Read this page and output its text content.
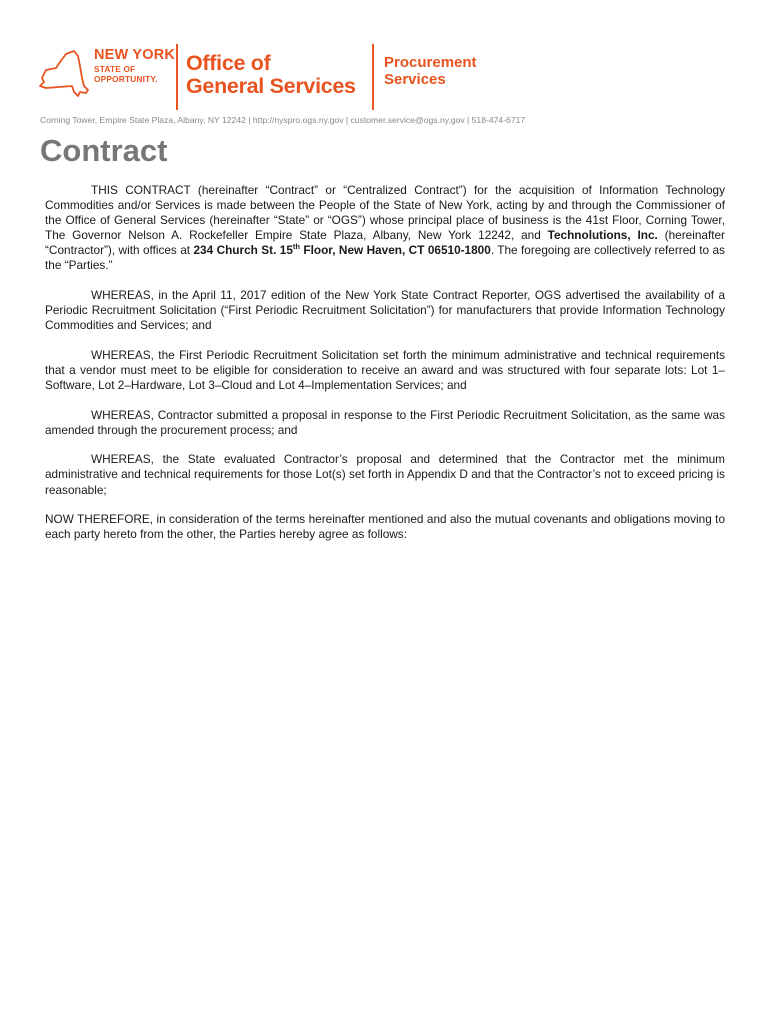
NEW YORK
STATE OF
OPPORTUNITY.
Office of
General Services
Procurement
Services
Corning Tower, Empire State Plaza, Albany, NY 12242 | http://nyspro.ogs.ny.gov | customer.service@ogs.ny.gov | 518-474-6717
Contract

THIS CONTRACT (hereinafter “Contract” or “Centralized Contract”) for the acquisition of Information Technology Commodities and/or Services is made between the People of the State of New York, acting by and through the Commissioner of the Office of General Services (hereinafter “State” or “OGS”) whose principal place of business is the 41st Floor, Corning Tower, The Governor Nelson A. Rockefeller Empire State Plaza, Albany, New York 12242, and Technolutions, Inc. (hereinafter “Contractor”), with offices at 234 Church St. 15th Floor, New Haven, CT 06510-1800. The foregoing are collectively referred to as the “Parties.”

WHEREAS, in the April 11, 2017 edition of the New York State Contract Reporter, OGS advertised the availability of a Periodic Recruitment Solicitation (“First Periodic Recruitment Solicitation”) for manufacturers that provide Information Technology Commodities and Services; and

WHEREAS, the First Periodic Recruitment Solicitation set forth the minimum administrative and technical requirements that a vendor must meet to be eligible for consideration to receive an award and was structured with four separate lots: Lot 1–Software, Lot 2–Hardware, Lot 3–Cloud and Lot 4–Implementation Services; and

WHEREAS, Contractor submitted a proposal in response to the First Periodic Recruitment Solicitation, as the same was amended through the procurement process; and

WHEREAS, the State evaluated Contractor’s proposal and determined that the Contractor met the minimum administrative and technical requirements for those Lot(s) set forth in Appendix D and that the Contractor’s not to exceed pricing is reasonable;

NOW THEREFORE, in consideration of the terms hereinafter mentioned and also the mutual covenants and obligations moving to each party hereto from the other, the Parties hereby agree as follows:
